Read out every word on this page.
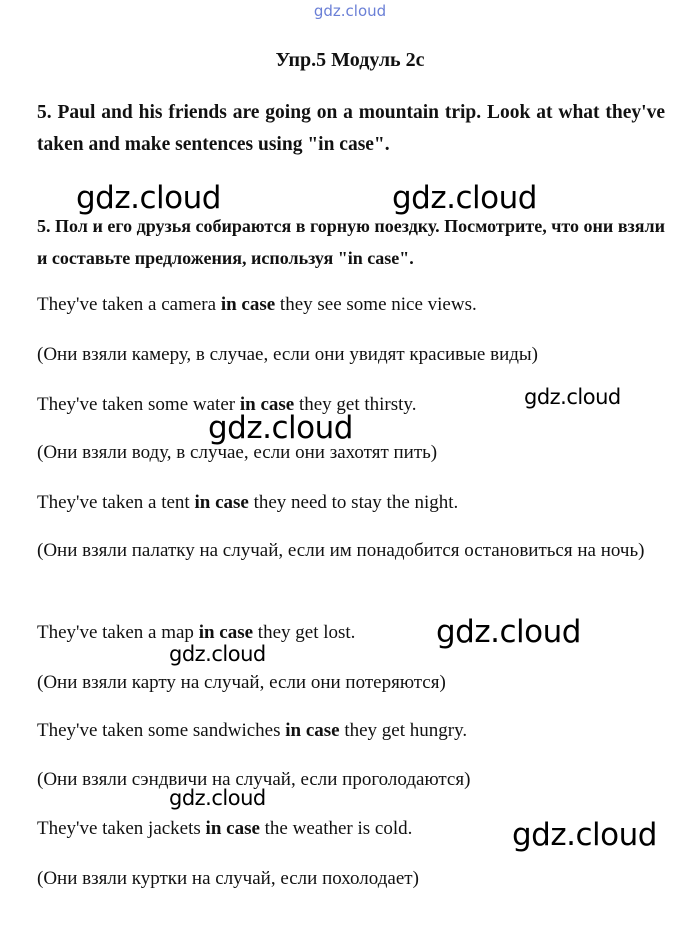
gdz.cloud
Упр.5 Модуль 2с
5. Paul and his friends are going on a mountain trip. Look at what they've taken and make sentences using "in case".
5. Пол и его друзья собираются в горную поездку. Посмотрите, что они взяли и составьте предложения, используя "in case".
They've taken a camera in case they see some nice views.
(Они взяли камеру, в случае, если они увидят красивые виды)
They've taken some water in case they get thirsty.
(Они взяли воду, в случае, если они захотят пить)
They've taken a tent in case they need to stay the night.
(Они взяли палатку на случай, если им понадобится остановиться на ночь)
They've taken a map in case they get lost.
(Они взяли карту на случай, если они потеряются)
They've taken some sandwiches in case they get hungry.
(Они взяли сэндвичи на случай, если проголодаются)
They've taken jackets in case the weather is cold.
(Они взяли куртки на случай, если похолодает)
gdz.cloud	gdz.cloud
gdz.cloud
gdz.cloud
gdz.cloud
gdz.cloud
gdz.cloud
gdz.cloud
